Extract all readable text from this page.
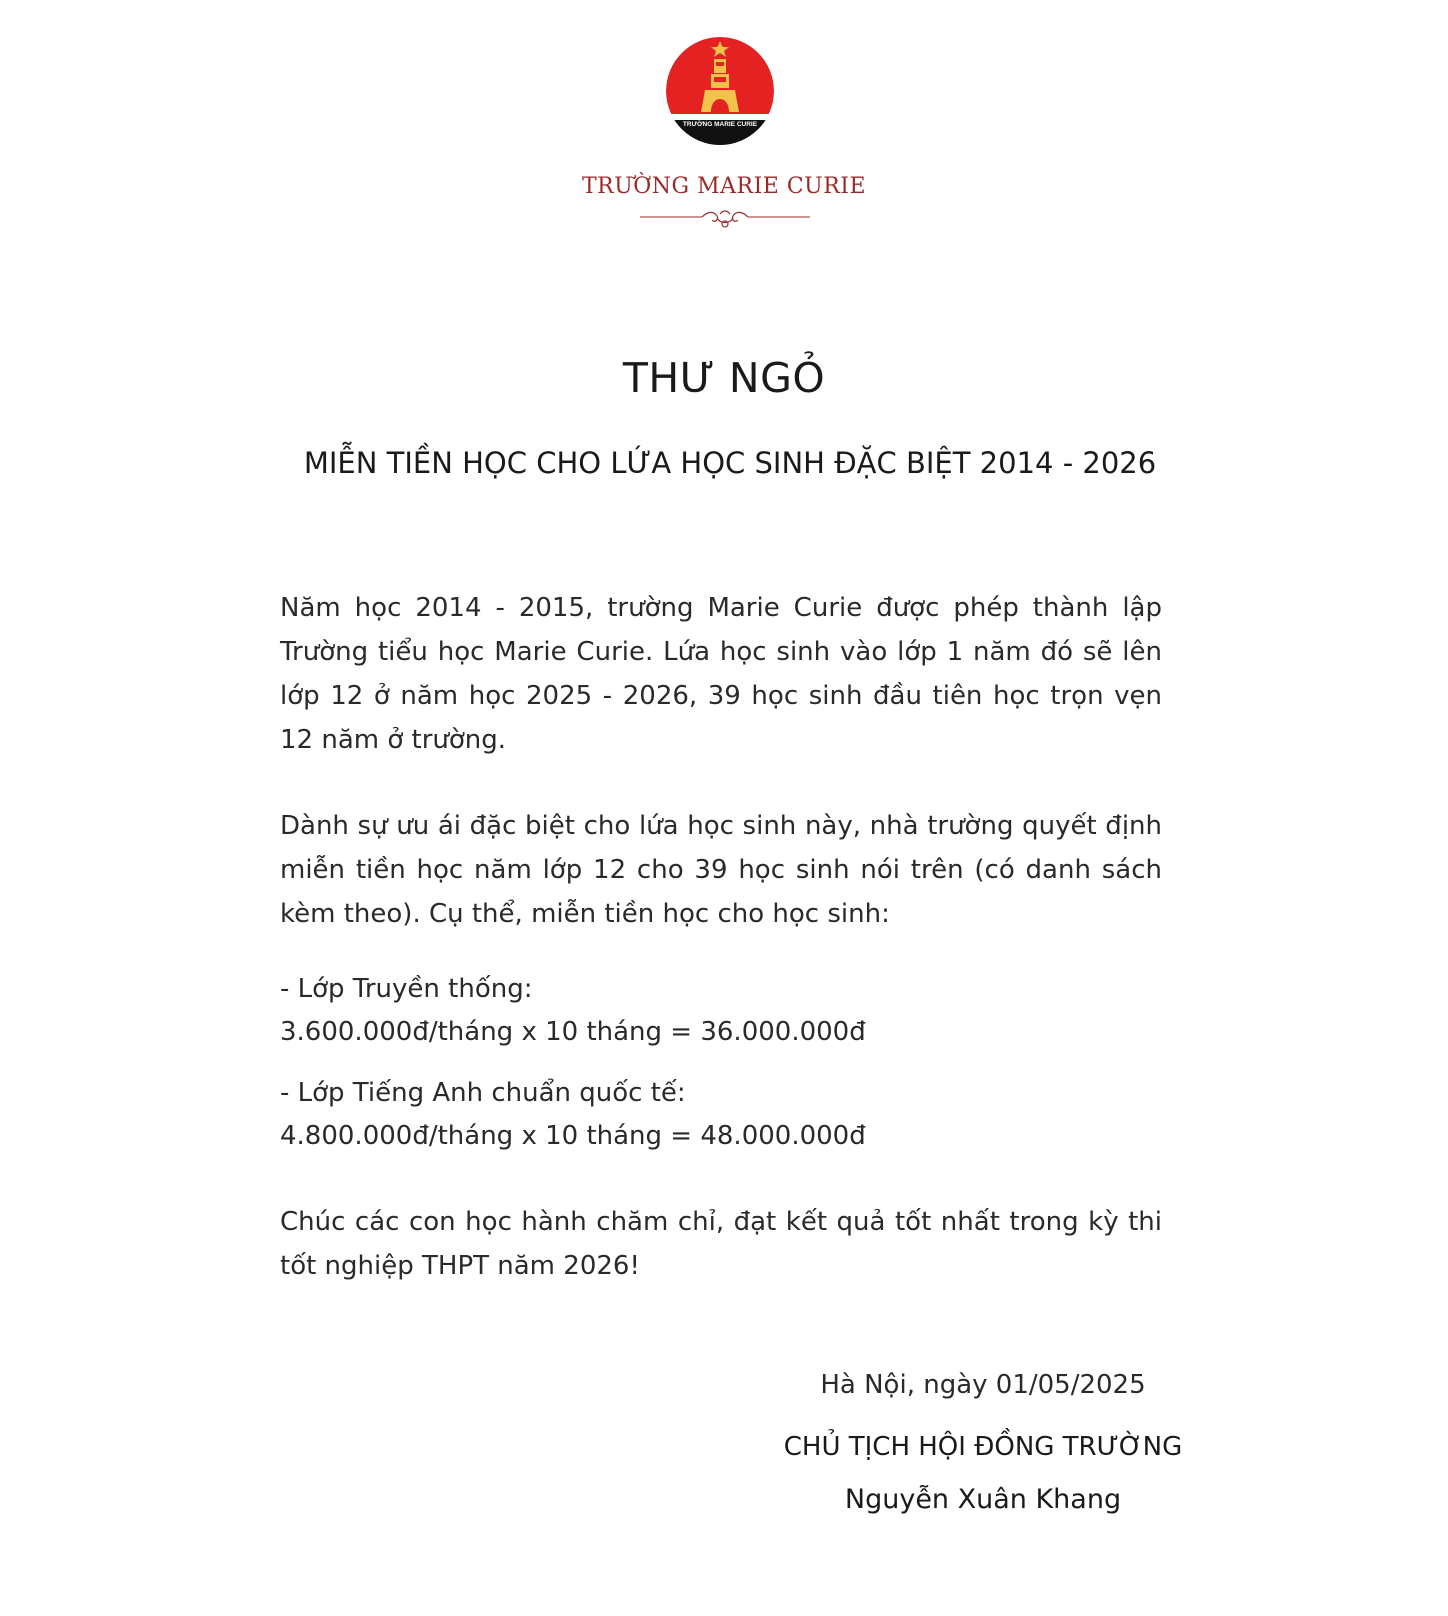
TRƯỜNG MARIE CURIE
TRƯỜNG MARIE CURIE
THƯ NGỎ
MIỄN TIỀN HỌC CHO LỨA HỌC SINH ĐẶC BIỆT 2014 - 2026
Năm học 2014 - 2015, trường Marie Curie được phép thành lập Trường tiểu học Marie Curie. Lứa học sinh vào lớp 1 năm đó sẽ lên lớp 12 ở năm học 2025 - 2026, 39 học sinh đầu tiên học trọn vẹn 12 năm ở trường.
Dành sự ưu ái đặc biệt cho lứa học sinh này, nhà trường quyết định miễn tiền học năm lớp 12 cho 39 học sinh nói trên (có danh sách kèm theo). Cụ thể, miễn tiền học cho học sinh:
- Lớp Truyền thống:
3.600.000đ/tháng x 10 tháng = 36.000.000đ
- Lớp Tiếng Anh chuẩn quốc tế:
4.800.000đ/tháng x 10 tháng = 48.000.000đ
Chúc các con học hành chăm chỉ, đạt kết quả tốt nhất trong kỳ thi tốt nghiệp THPT năm 2026!
Hà Nội, ngày 01/05/2025
CHỦ TỊCH HỘI ĐỒNG TRƯỜNG
Nguyễn Xuân Khang
